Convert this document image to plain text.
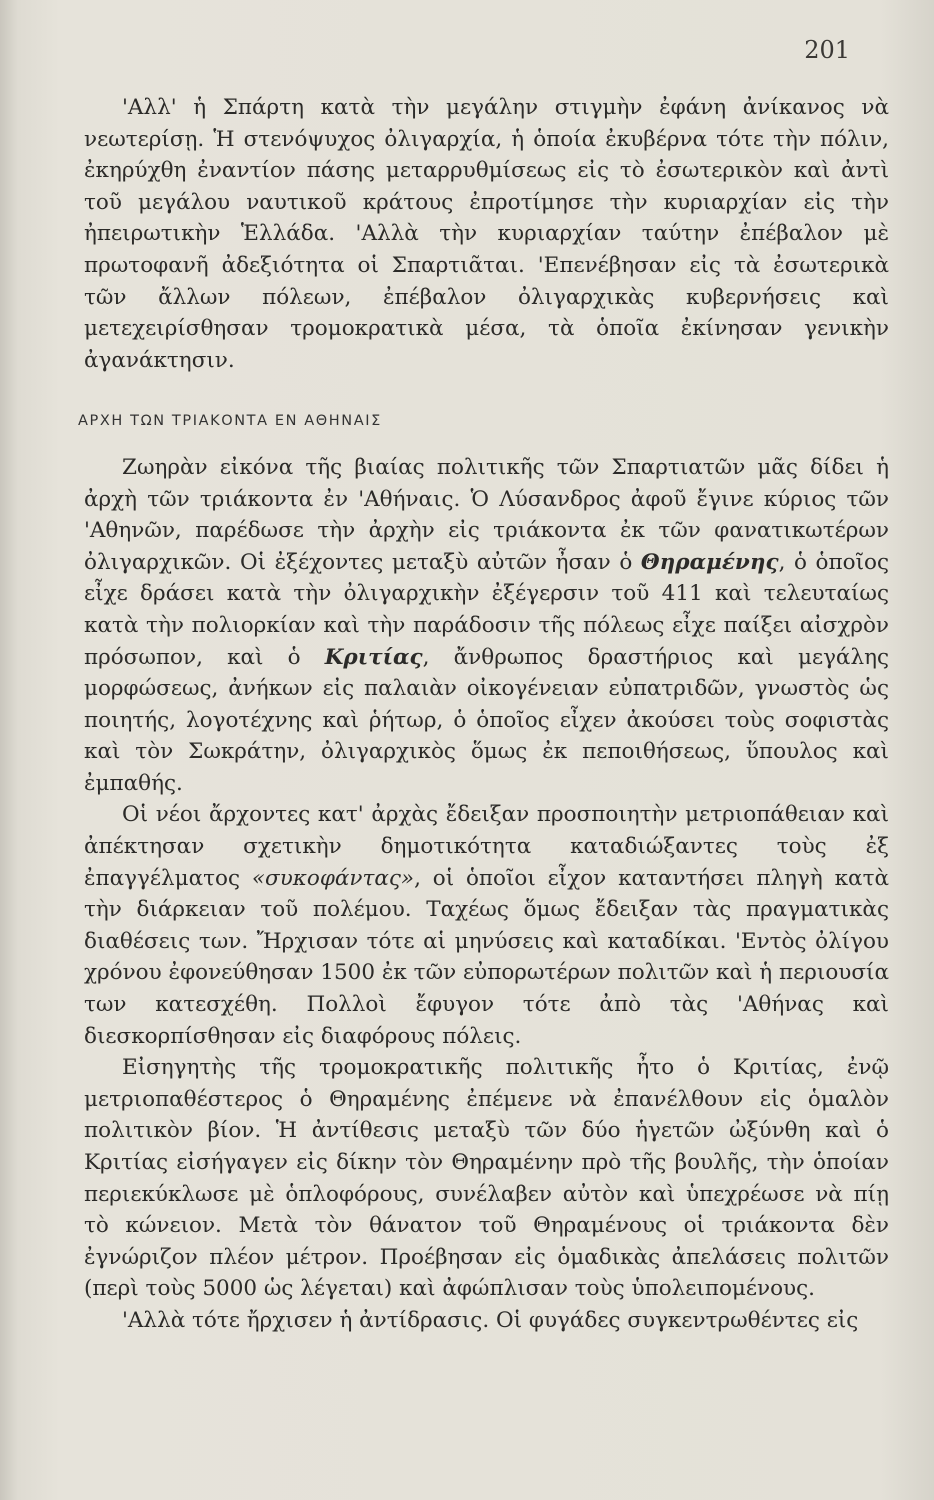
201

'Αλλ' ἡ Σπάρτη κατὰ τὴν μεγάλην στιγμὴν ἐφάνη ἀνίκανος νὰ νεωτερίσῃ. Ἡ στενόψυχος ὀλιγαρχία, ἡ ὁποία ἐκυβέρνα τότε τὴν πόλιν, ἐκηρύχθη ἐναντίον πάσης μεταρρυθμίσεως εἰς τὸ ἐσωτερικὸν καὶ ἀντὶ τοῦ μεγάλου ναυτικοῦ κράτους ἐπροτίμησε τὴν κυριαρχίαν εἰς τὴν ἠπειρωτικὴν Ἑλλάδα. 'Αλλὰ τὴν κυριαρχίαν ταύτην ἐπέβαλον μὲ πρωτοφανῆ ἀδεξιότητα οἱ Σπαρτιᾶται. 'Επενέβησαν εἰς τὰ ἐσωτερικὰ τῶν ἄλλων πόλεων, ἐπέβαλον ὀλιγαρχικὰς κυβερνήσεις καὶ μετεχειρίσθησαν τρομοκρατικὰ μέσα, τὰ ὁποῖα ἐκίνησαν γενικὴν ἀγανάκτησιν.

ΑΡΧΗ ΤΩΝ ΤΡΙΑΚΟΝΤΑ ΕΝ ΑΘΗΝΑΙΣ

Ζωηρὰν εἰκόνα τῆς βιαίας πολιτικῆς τῶν Σπαρτιατῶν μᾶς δίδει ἡ ἀρχὴ τῶν τριάκοντα ἐν 'Αθήναις. Ὁ Λύσανδρος ἀφοῦ ἔγινε κύριος τῶν 'Αθηνῶν, παρέδωσε τὴν ἀρχὴν εἰς τριάκοντα ἐκ τῶν φανατικωτέρων ὀλιγαρχικῶν. Οἱ ἐξέχοντες μεταξὺ αὐτῶν ἦσαν ὁ Θηραμένης, ὁ ὁποῖος εἶχε δράσει κατὰ τὴν ὀλιγαρχικὴν ἐξέγερσιν τοῦ 411 καὶ τελευταίως κατὰ τὴν πολιορκίαν καὶ τὴν παράδοσιν τῆς πόλεως εἶχε παίξει αἰσχρὸν πρόσωπον, καὶ ὁ Κριτίας, ἄνθρωπος δραστήριος καὶ μεγάλης μορφώσεως, ἀνήκων εἰς παλαιὰν οἰκογένειαν εὐπατριδῶν, γνωστὸς ὡς ποιητής, λογοτέχνης καὶ ῥήτωρ, ὁ ὁποῖος εἶχεν ἀκούσει τοὺς σοφιστὰς καὶ τὸν Σωκράτην, ὀλιγαρχικὸς ὅμως ἐκ πεποιθήσεως, ὕπουλος καὶ ἐμπαθής.

Οἱ νέοι ἄρχοντες κατ' ἀρχὰς ἔδειξαν προσποιητὴν μετριοπάθειαν καὶ ἀπέκτησαν σχετικὴν δημοτικότητα καταδιώξαντες τοὺς ἐξ ἐπαγγέλματος «συκοφάντας», οἱ ὁποῖοι εἶχον καταντήσει πληγὴ κατὰ τὴν διάρκειαν τοῦ πολέμου. Ταχέως ὅμως ἔδειξαν τὰς πραγματικὰς διαθέσεις των. Ἤρχισαν τότε αἱ μηνύσεις καὶ καταδίκαι. 'Εντὸς ὀλίγου χρόνου ἐφονεύθησαν 1500 ἐκ τῶν εὐπορωτέρων πολιτῶν καὶ ἡ περιουσία των κατεσχέθη. Πολλοὶ ἔφυγον τότε ἀπὸ τὰς 'Αθήνας καὶ διεσκορπίσθησαν εἰς διαφόρους πόλεις.

Εἰσηγητὴς τῆς τρομοκρατικῆς πολιτικῆς ἦτο ὁ Κριτίας, ἐνῷ μετριοπαθέστερος ὁ Θηραμένης ἐπέμενε νὰ ἐπανέλθουν εἰς ὁμαλὸν πολιτικὸν βίον. Ἡ ἀντίθεσις μεταξὺ τῶν δύο ἡγετῶν ὠξύνθη καὶ ὁ Κριτίας εἰσήγαγεν εἰς δίκην τὸν Θηραμένην πρὸ τῆς βουλῆς, τὴν ὁποίαν περιεκύκλωσε μὲ ὁπλοφόρους, συνέλαβεν αὐτὸν καὶ ὑπεχρέωσε νὰ πίῃ τὸ κώνειον. Μετὰ τὸν θάνατον τοῦ Θηραμένους οἱ τριάκοντα δὲν ἐγνώριζον πλέον μέτρον. Προέβησαν εἰς ὁμαδικὰς ἀπελάσεις πολιτῶν (περὶ τοὺς 5000 ὡς λέγεται) καὶ ἀφώπλισαν τοὺς ὑπολειπομένους.

'Αλλὰ τότε ἤρχισεν ἡ ἀντίδρασις. Οἱ φυγάδες συγκεντρωθέντες εἰς
